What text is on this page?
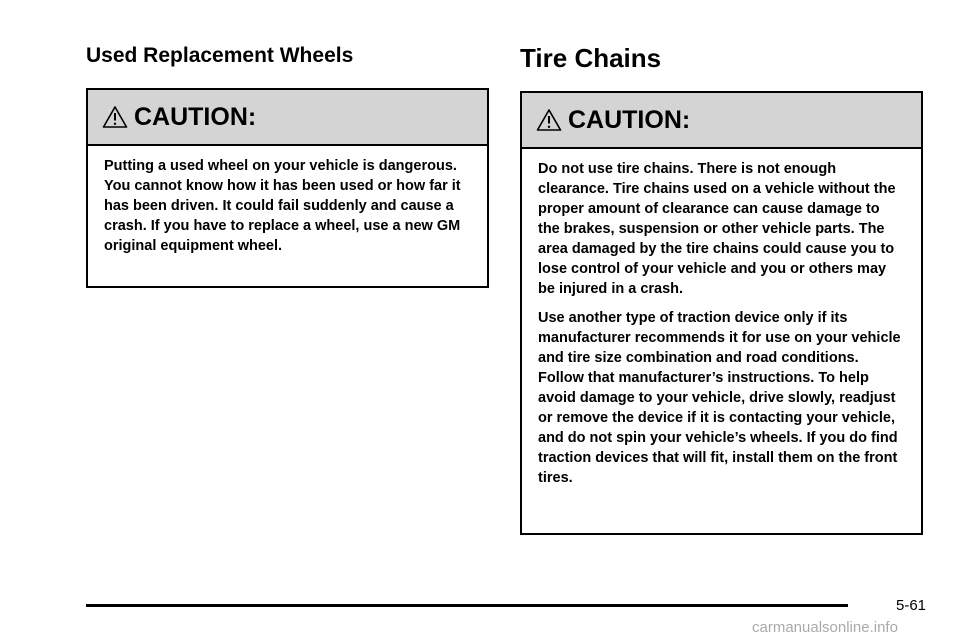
Used Replacement Wheels
CAUTION:

Putting a used wheel on your vehicle is dangerous. You cannot know how it has been used or how far it has been driven. It could fail suddenly and cause a crash. If you have to replace a wheel, use a new GM original equipment wheel.

Tire Chains
CAUTION:

Do not use tire chains. There is not enough clearance. Tire chains used on a vehicle without the proper amount of clearance can cause damage to the brakes, suspension or other vehicle parts. The area damaged by the tire chains could cause you to lose control of your vehicle and you or others may be injured in a crash.

Use another type of traction device only if its manufacturer recommends it for use on your vehicle and tire size combination and road conditions. Follow that manufacturer’s instructions. To help avoid damage to your vehicle, drive slowly, readjust or remove the device if it is contacting your vehicle, and do not spin your vehicle’s wheels. If you do find traction devices that will fit, install them on the front tires.

5-61
carmanualsonline.info
